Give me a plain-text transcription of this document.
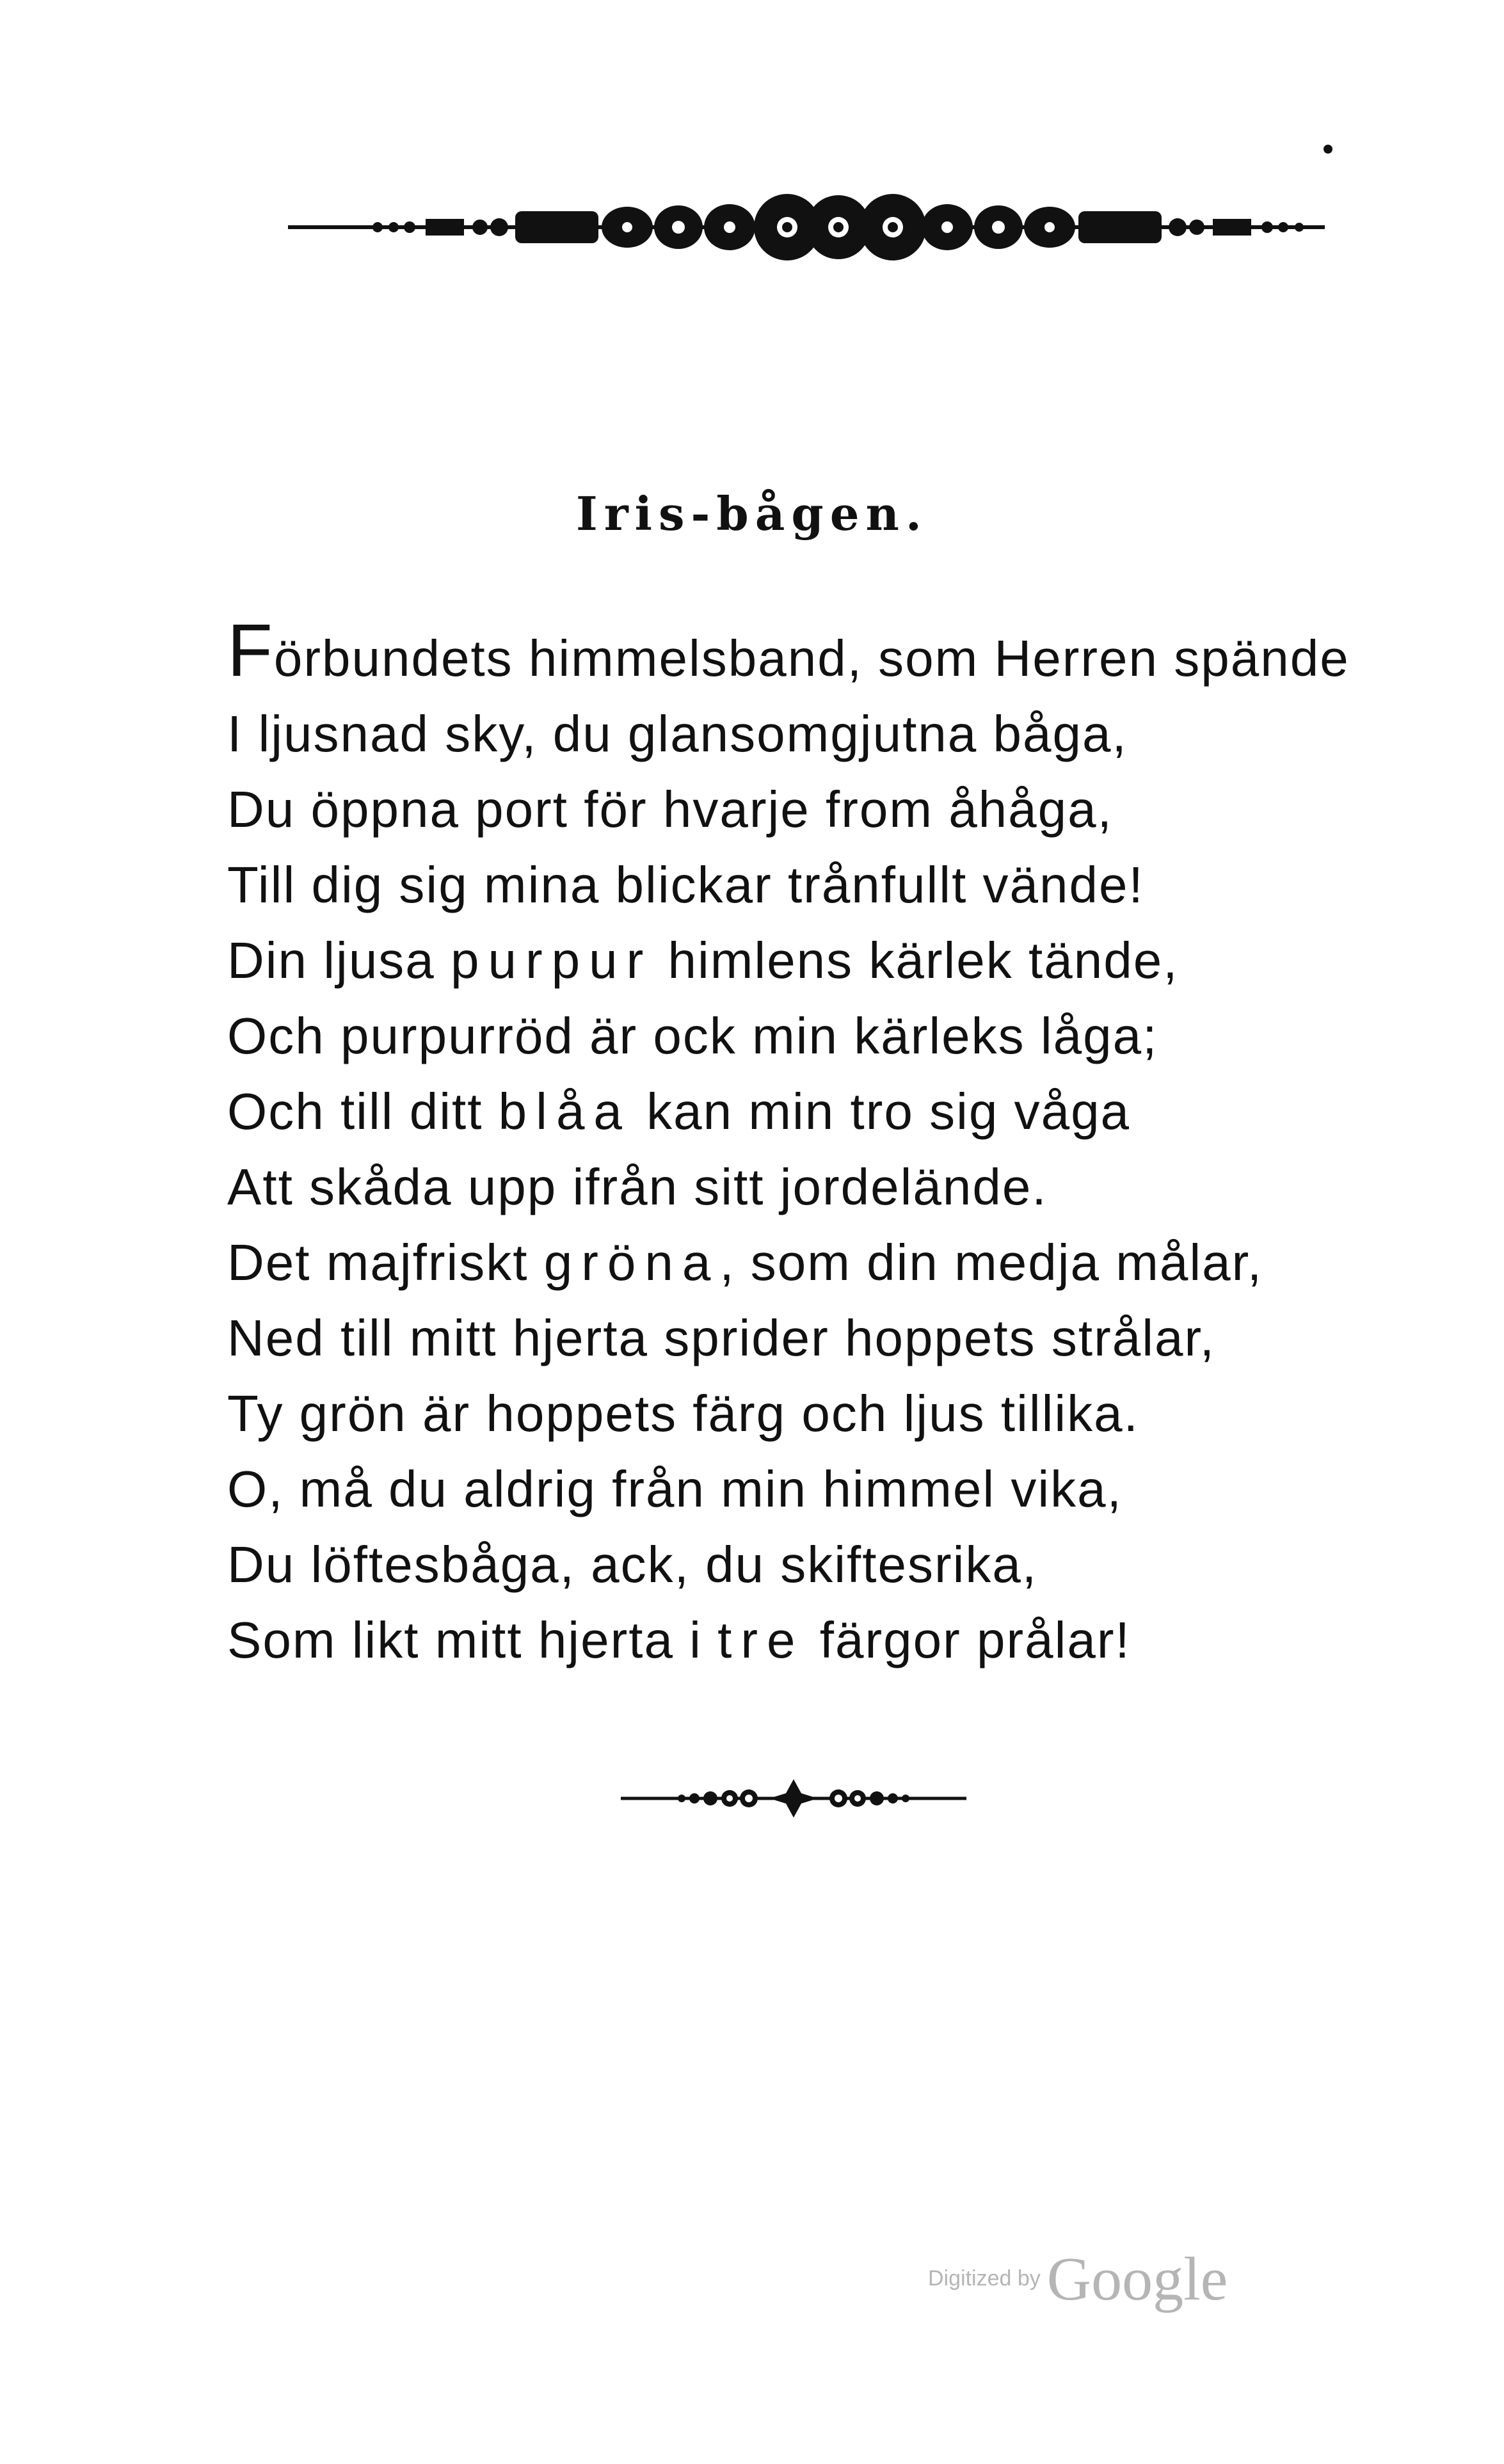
Iris-bågen.
Förbundets himmelsband, som Herren spände
I ljusnad sky, du glansomgjutna båga,
Du öppna port för hvarje from åhåga,
Till dig sig mina blickar trånfullt vände!
Din ljusa purpur himlens kärlek tände,
Och purpurröd är ock min kärleks låga;
Och till ditt blåa kan min tro sig våga
Att skåda upp ifrån sitt jordelände.
Det majfriskt gröna, som din medja målar,
Ned till mitt hjerta sprider hoppets strålar,
Ty grön är hoppets färg och ljus tillika.
O, må du aldrig från min himmel vika,
Du löftesbåga, ack, du skiftesrika,
Som likt mitt hjerta i tre färgor prålar!
Digitized by Google
